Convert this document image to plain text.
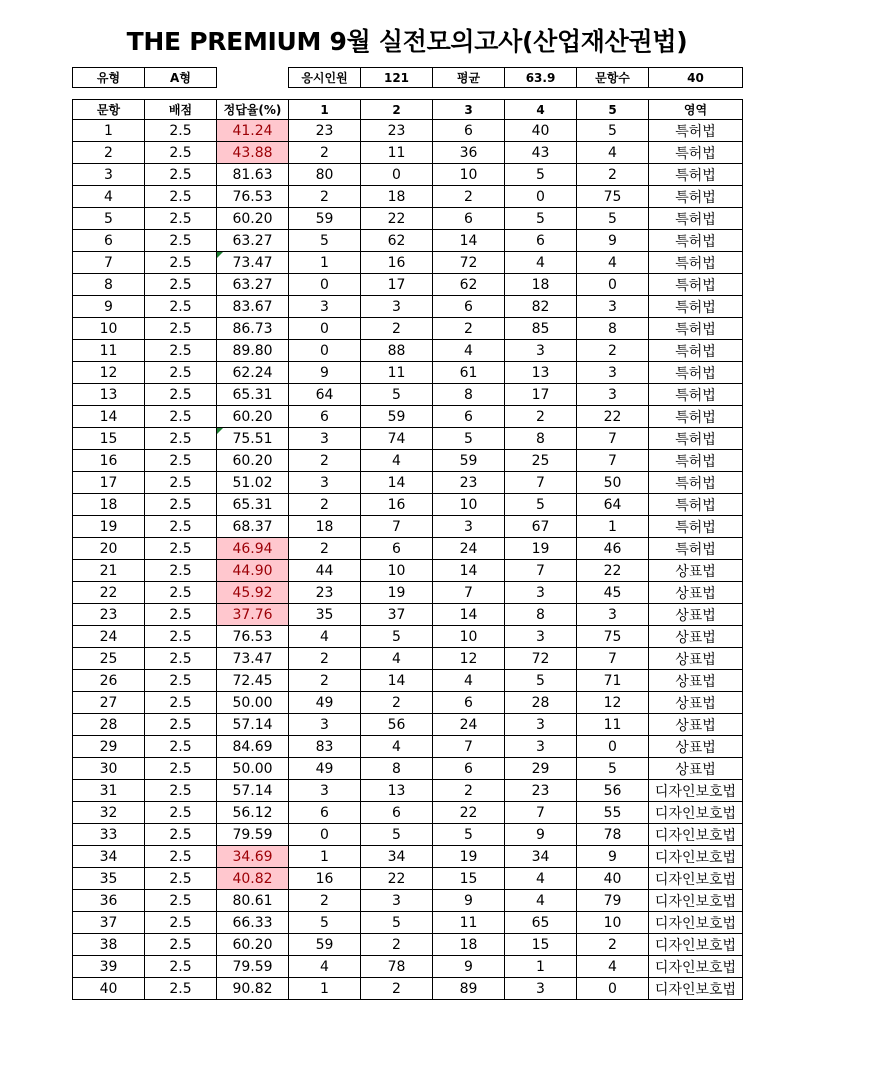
THE PREMIUM 9월 실전모의고사(산업재산권법)
유형	A형		응시인원	121	평균	63.9	문항수	40
문항	배점	정답율(%)	1	2	3	4	5	영역
1	2.5	41.24	23	23	6	40	5	특허법
2	2.5	43.88	2	11	36	43	4	특허법
3	2.5	81.63	80	0	10	5	2	특허법
4	2.5	76.53	2	18	2	0	75	특허법
5	2.5	60.20	59	22	6	5	5	특허법
6	2.5	63.27	5	62	14	6	9	특허법
7	2.5	73.47	1	16	72	4	4	특허법
8	2.5	63.27	0	17	62	18	0	특허법
9	2.5	83.67	3	3	6	82	3	특허법
10	2.5	86.73	0	2	2	85	8	특허법
11	2.5	89.80	0	88	4	3	2	특허법
12	2.5	62.24	9	11	61	13	3	특허법
13	2.5	65.31	64	5	8	17	3	특허법
14	2.5	60.20	6	59	6	2	22	특허법
15	2.5	75.51	3	74	5	8	7	특허법
16	2.5	60.20	2	4	59	25	7	특허법
17	2.5	51.02	3	14	23	7	50	특허법
18	2.5	65.31	2	16	10	5	64	특허법
19	2.5	68.37	18	7	3	67	1	특허법
20	2.5	46.94	2	6	24	19	46	특허법
21	2.5	44.90	44	10	14	7	22	상표법
22	2.5	45.92	23	19	7	3	45	상표법
23	2.5	37.76	35	37	14	8	3	상표법
24	2.5	76.53	4	5	10	3	75	상표법
25	2.5	73.47	2	4	12	72	7	상표법
26	2.5	72.45	2	14	4	5	71	상표법
27	2.5	50.00	49	2	6	28	12	상표법
28	2.5	57.14	3	56	24	3	11	상표법
29	2.5	84.69	83	4	7	3	0	상표법
30	2.5	50.00	49	8	6	29	5	상표법
31	2.5	57.14	3	13	2	23	56	디자인보호법
32	2.5	56.12	6	6	22	7	55	디자인보호법
33	2.5	79.59	0	5	5	9	78	디자인보호법
34	2.5	34.69	1	34	19	34	9	디자인보호법
35	2.5	40.82	16	22	15	4	40	디자인보호법
36	2.5	80.61	2	3	9	4	79	디자인보호법
37	2.5	66.33	5	5	11	65	10	디자인보호법
38	2.5	60.20	59	2	18	15	2	디자인보호법
39	2.5	79.59	4	78	9	1	4	디자인보호법
40	2.5	90.82	1	2	89	3	0	디자인보호법
